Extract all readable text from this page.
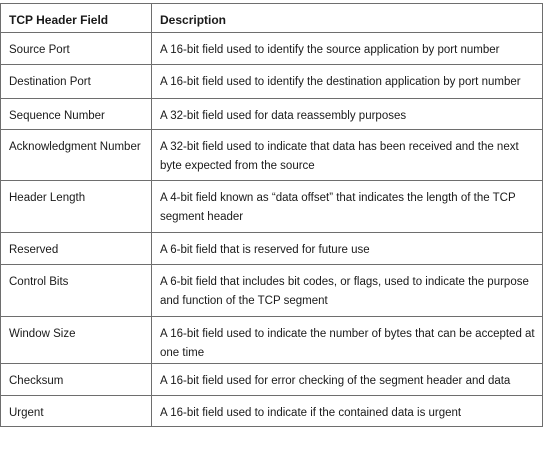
TCP Header Field	Description
Source Port	A 16-bit field used to identify the source application by port number
Destination Port	A 16-bit field used to identify the destination application by port number
Sequence Number	A 32-bit field used for data reassembly purposes
Acknowledgment Number	A 32-bit field used to indicate that data has been received and the next byte expected from the source
Header Length	A 4-bit field known as “data offset” that indicates the length of the TCP segment header
Reserved	A 6-bit field that is reserved for future use
Control Bits	A 6-bit field that includes bit codes, or flags, used to indicate the purpose and function of the TCP segment
Window Size	A 16-bit field used to indicate the number of bytes that can be accepted at one time
Checksum	A 16-bit field used for error checking of the segment header and data
Urgent	A 16-bit field used to indicate if the contained data is urgent
